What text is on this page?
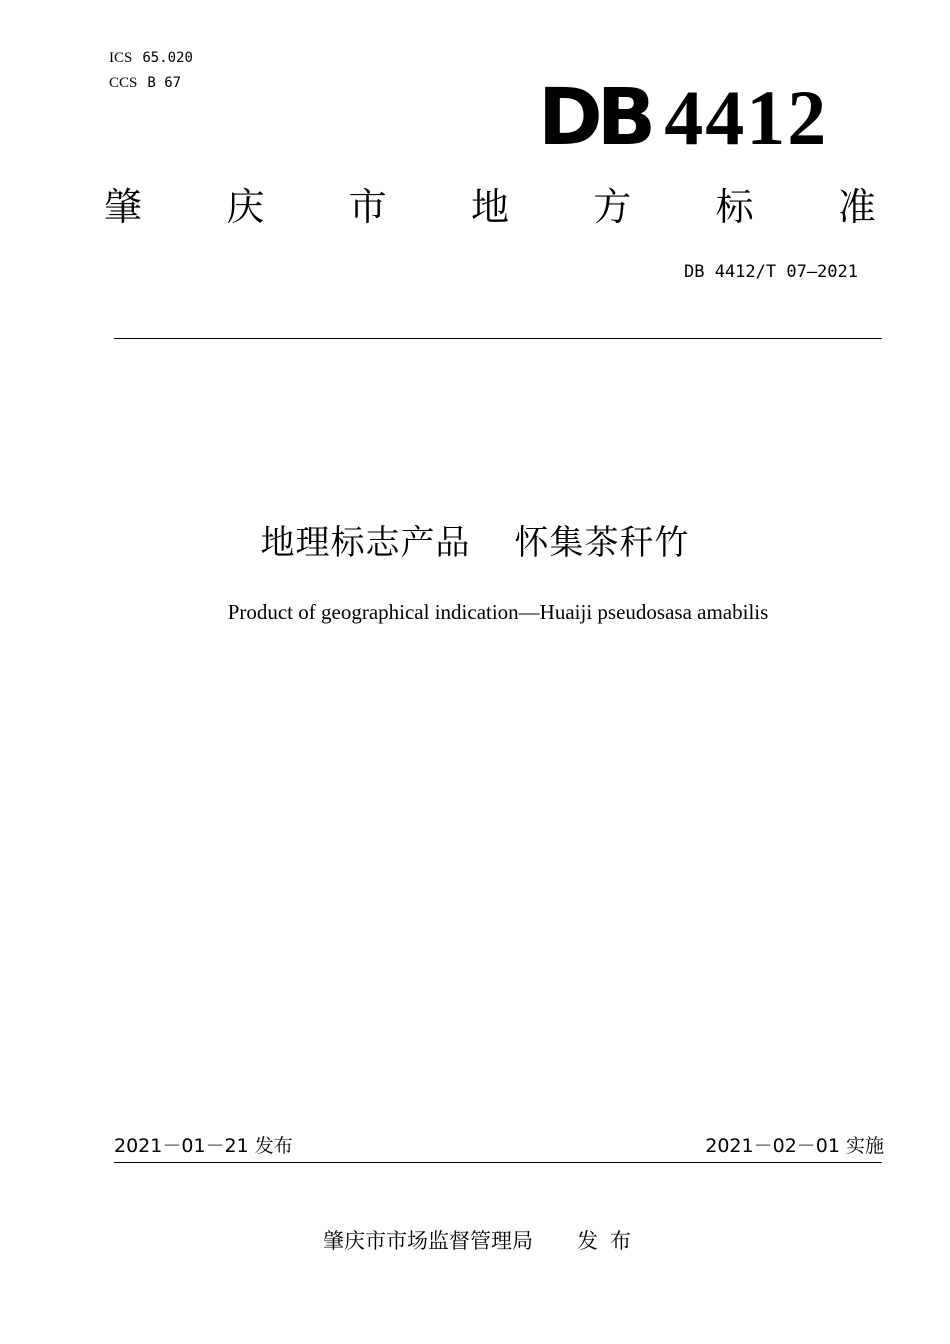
ICS 65.020
CCS B 67	DB 4412
肇 庆 市 地 方 标 准
DB 4412/T 07—2021
地理标志产品 怀集茶秆竹
Product of geographical indication—Huaiji pseudosasa amabilis
2021－01－21 发布	2021－02－01 实施
肇庆市市场监督管理局 发布
